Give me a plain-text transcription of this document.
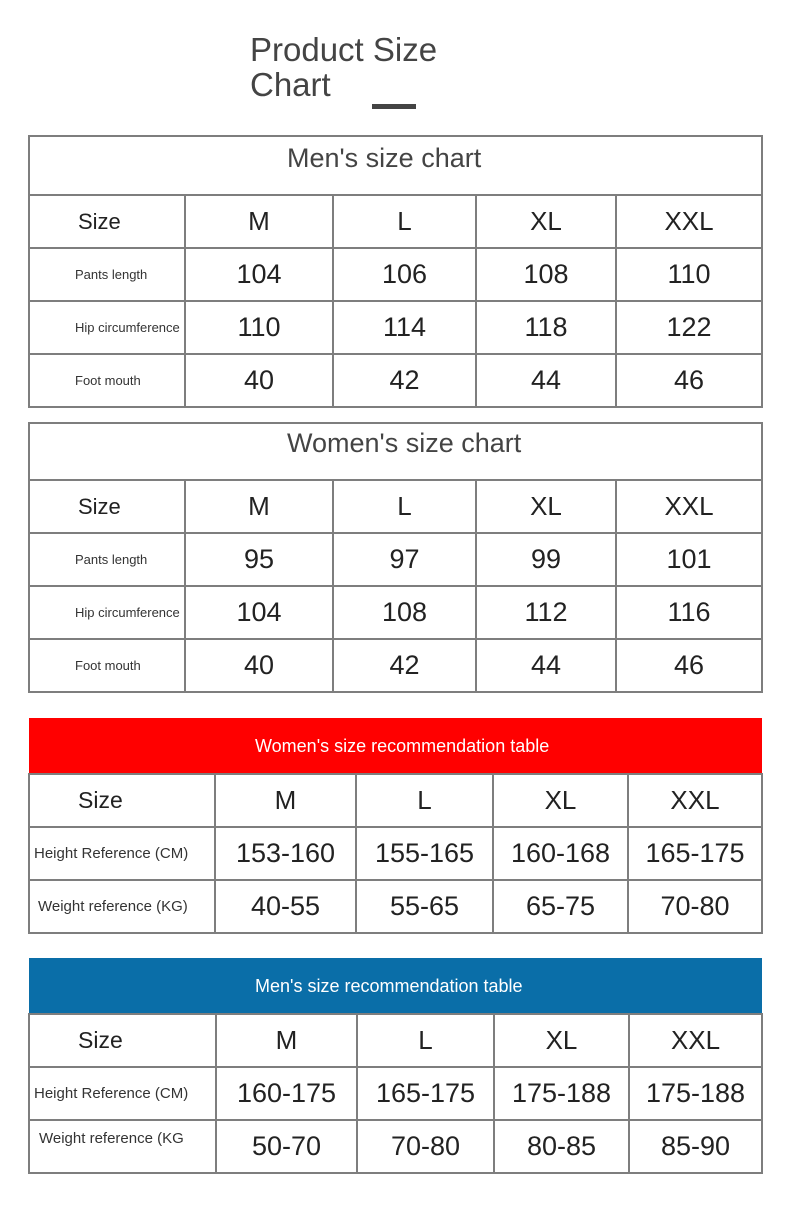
Product Size Chart
Men's size chart				
Size	M	L	XL	XXL
Pants length	104	106	108	110
Hip circumference	110	114	118	122
Foot mouth	40	42	44	46
Women's size chart				
Size	M	L	XL	XXL
Pants length	95	97	99	101
Hip circumference	104	108	112	116
Foot mouth	40	42	44	46
Women's size recommendation table				
Size	M	L	XL	XXL
Height Reference (CM)	153-160	155-165	160-168	165-175
Weight reference (KG)	40-55	55-65	65-75	70-80
Men's size recommendation table				
Size	M	L	XL	XXL
Height Reference (CM)	160-175	165-175	175-188	175-188
Weight reference (KG	50-70	70-80	80-85	85-90
